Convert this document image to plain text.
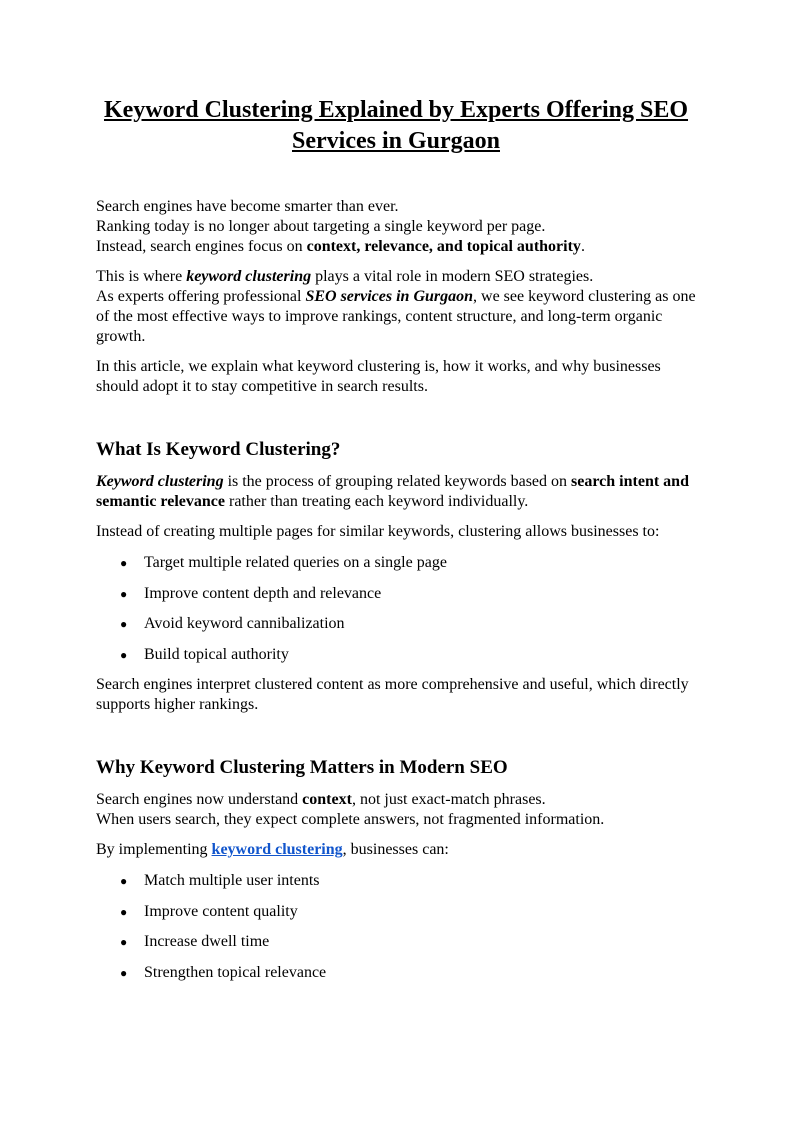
Keyword Clustering Explained by Experts Offering SEO
Services in Gurgaon

Search engines have become smarter than ever.
Ranking today is no longer about targeting a single keyword per page.
Instead, search engines focus on context, relevance, and topical authority.

This is where keyword clustering plays a vital role in modern SEO strategies.
As experts offering professional SEO services in Gurgaon, we see keyword clustering as one of the most effective ways to improve rankings, content structure, and long-term organic growth.

In this article, we explain what keyword clustering is, how it works, and why businesses should adopt it to stay competitive in search results.

What Is Keyword Clustering?

Keyword clustering is the process of grouping related keywords based on search intent and semantic relevance rather than treating each keyword individually.

Instead of creating multiple pages for similar keywords, clustering allows businesses to:

● Target multiple related queries on a single page
● Improve content depth and relevance
● Avoid keyword cannibalization
● Build topical authority

Search engines interpret clustered content as more comprehensive and useful, which directly supports higher rankings.

Why Keyword Clustering Matters in Modern SEO

Search engines now understand context, not just exact-match phrases.
When users search, they expect complete answers, not fragmented information.

By implementing keyword clustering, businesses can:

● Match multiple user intents
● Improve content quality
● Increase dwell time
● Strengthen topical relevance
